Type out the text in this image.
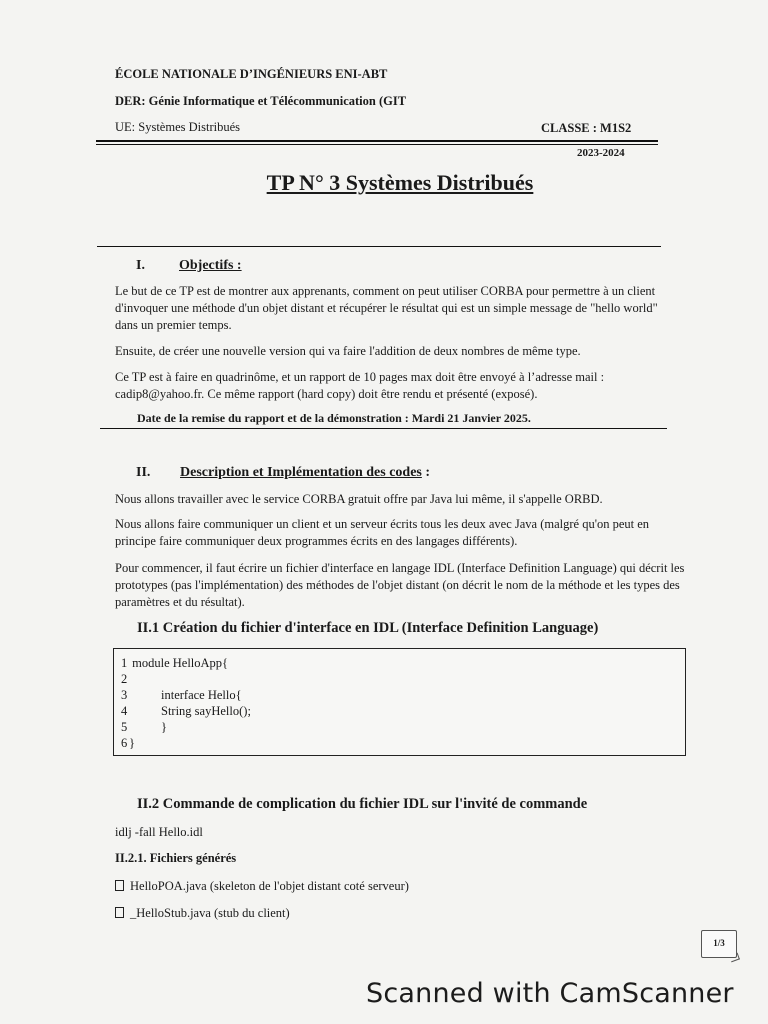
ÉCOLE NATIONALE D’INGÉNIEURS ENI-ABT
DER: Génie Informatique et Télécommunication (GIT
UE: Systèmes Distribués	CLASSE : M1S2
2023-2024
TP N° 3 Systèmes Distribués
I. Objectifs :
Le but de ce TP est de montrer aux apprenants, comment on peut utiliser CORBA pour permettre à un client d'invoquer une méthode d'un objet distant et récupérer le résultat qui est un simple message de "hello world" dans un premier temps.
Ensuite, de créer une nouvelle version qui va faire l'addition de deux nombres de même type.
Ce TP est à faire en quadrinôme, et un rapport de 10 pages max doit être envoyé à l’adresse mail : cadip8@yahoo.fr. Ce même rapport (hard copy) doit être rendu et présenté (exposé).
Date de la remise du rapport et de la démonstration : Mardi 21 Janvier 2025.
II. Description et Implémentation des codes :
Nous allons travailler avec le service CORBA gratuit offre par Java lui même, il s'appelle ORBD.
Nous allons faire communiquer un client et un serveur écrits tous les deux avec Java (malgré qu'on peut en principe faire communiquer deux programmes écrits en des langages différents).
Pour commencer, il faut écrire un fichier d'interface en langage IDL (Interface Definition Language) qui décrit les prototypes (pas l'implémentation) des méthodes de l'objet distant (on décrit le nom de la méthode et les types des paramètres et du résultat).
II.1 Création du fichier d'interface en IDL (Interface Definition Language)
1 module HelloApp{
2
3	interface Hello{
4	String sayHello();
5	}
6 }
II.2 Commande de complication du fichier IDL sur l'invité de commande
idlj -fall Hello.idl
II.2.1. Fichiers générés
HelloPOA.java (skeleton de l'objet distant coté serveur)
_HelloStub.java (stub du client)
1/3
Scanned with CamScanner
